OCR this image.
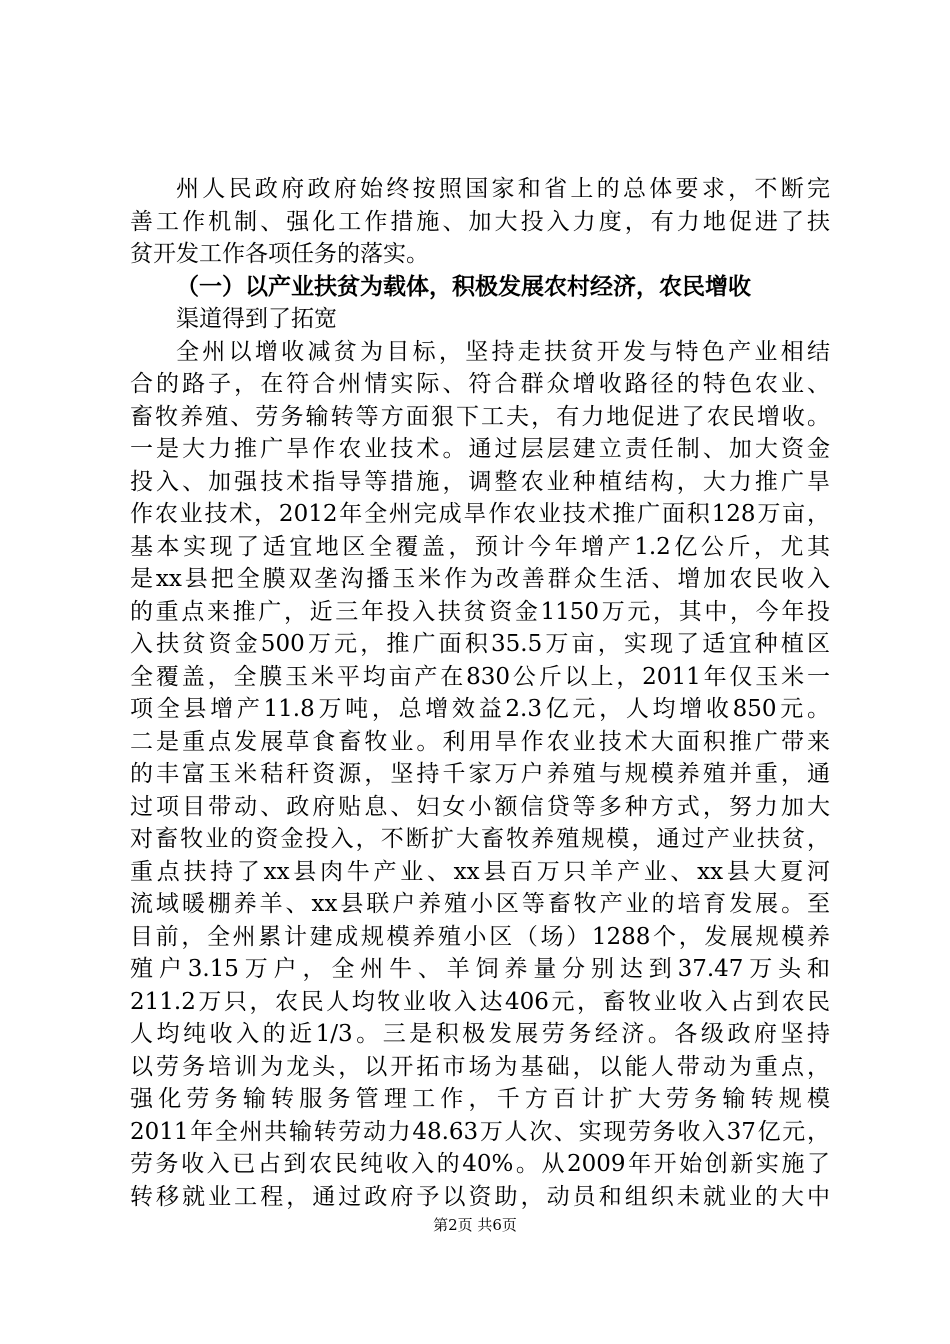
州人民政府政府始终按照国家和省上的总体要求，不断完
善工作机制、强化工作措施、加大投入力度，有力地促进了扶
贫开发工作各项任务的落实。
（一）以产业扶贫为载体，积极发展农村经济，农民增收
渠道得到了拓宽
全州以增收减贫为目标，坚持走扶贫开发与特色产业相结
合的路子，在符合州情实际、符合群众增收路径的特色农业、
畜牧养殖、劳务输转等方面狠下工夫，有力地促进了农民增收。
一是大力推广旱作农业技术。通过层层建立责任制、加大资金
投入、加强技术指导等措施，调整农业种植结构，大力推广旱
作农业技术，2012年全州完成旱作农业技术推广面积128万亩，
基本实现了适宜地区全覆盖，预计今年增产1.2亿公斤，尤其
是xx县把全膜双垄沟播玉米作为改善群众生活、增加农民收入
的重点来推广，近三年投入扶贫资金1150万元，其中，今年投
入扶贫资金500万元，推广面积35.5万亩，实现了适宜种植区
全覆盖，全膜玉米平均亩产在830公斤以上，2011年仅玉米一
项全县增产11.8万吨，总增效益2.3亿元，人均增收850元。
二是重点发展草食畜牧业。利用旱作农业技术大面积推广带来
的丰富玉米秸秆资源，坚持千家万户养殖与规模养殖并重，通
过项目带动、政府贴息、妇女小额信贷等多种方式，努力加大
对畜牧业的资金投入，不断扩大畜牧养殖规模，通过产业扶贫，
重点扶持了xx县肉牛产业、xx县百万只羊产业、xx县大夏河
流域暖棚养羊、xx县联户养殖小区等畜牧产业的培育发展。至
目前，全州累计建成规模养殖小区（场）1288个，发展规模养
殖户3.15万户，全州牛、羊饲养量分别达到37.47万头和
211.2万只，农民人均牧业收入达406元，畜牧业收入占到农民
人均纯收入的近1/3。三是积极发展劳务经济。各级政府坚持
以劳务培训为龙头，以开拓市场为基础，以能人带动为重点，
强化劳务输转服务管理工作，千方百计扩大劳务输转规模
2011年全州共输转劳动力48.63万人次、实现劳务收入37亿元，
劳务收入已占到农民纯收入的40%。从2009年开始创新实施了
转移就业工程，通过政府予以资助，动员和组织未就业的大中
第2页 共6页
